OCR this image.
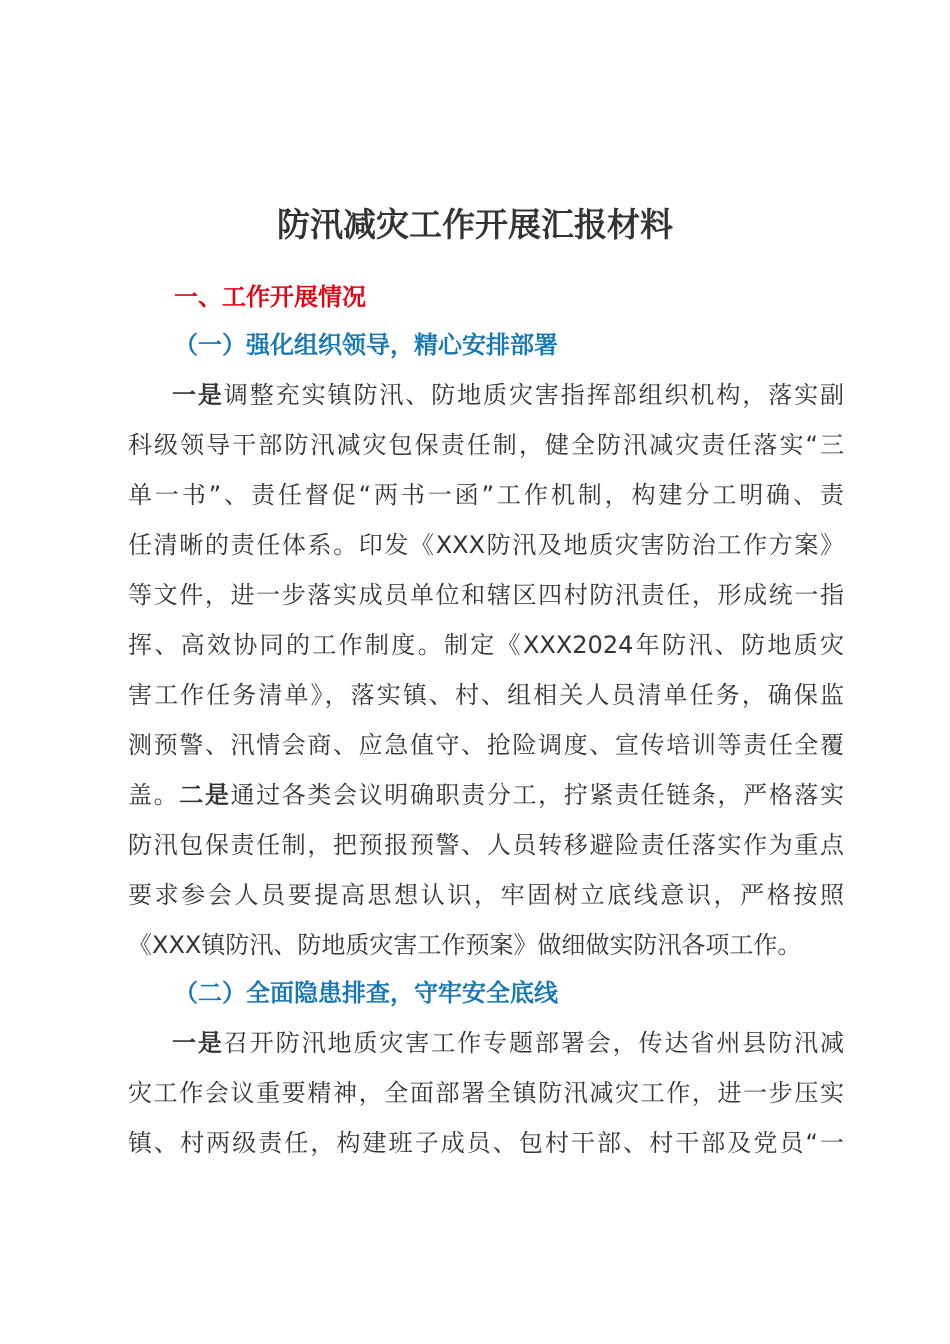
防汛减灾工作开展汇报材料
一、工作开展情况
（一）强化组织领导，精心安排部署
一是调整充实镇防汛、防地质灾害指挥部组织机构，落实副
科级领导干部防汛减灾包保责任制，健全防汛减灾责任落实“三
单一书”、责任督促“两书一函”工作机制，构建分工明确、责
任清晰的责任体系。印发《XXX防汛及地质灾害防治工作方案》
等文件，进一步落实成员单位和辖区四村防汛责任，形成统一指
挥、高效协同的工作制度。制定《XXX2024年防汛、防地质灾
害工作任务清单》，落实镇、村、组相关人员清单任务，确保监
测预警、汛情会商、应急值守、抢险调度、宣传培训等责任全覆
盖。二是通过各类会议明确职责分工，拧紧责任链条，严格落实
防汛包保责任制，把预报预警、人员转移避险责任落实作为重点
要求参会人员要提高思想认识，牢固树立底线意识，严格按照
《XXX镇防汛、防地质灾害工作预案》做细做实防汛各项工作。
（二）全面隐患排查，守牢安全底线
一是召开防汛地质灾害工作专题部署会，传达省州县防汛减
灾工作会议重要精神，全面部署全镇防汛减灾工作，进一步压实
镇、村两级责任，构建班子成员、包村干部、村干部及党员“一
